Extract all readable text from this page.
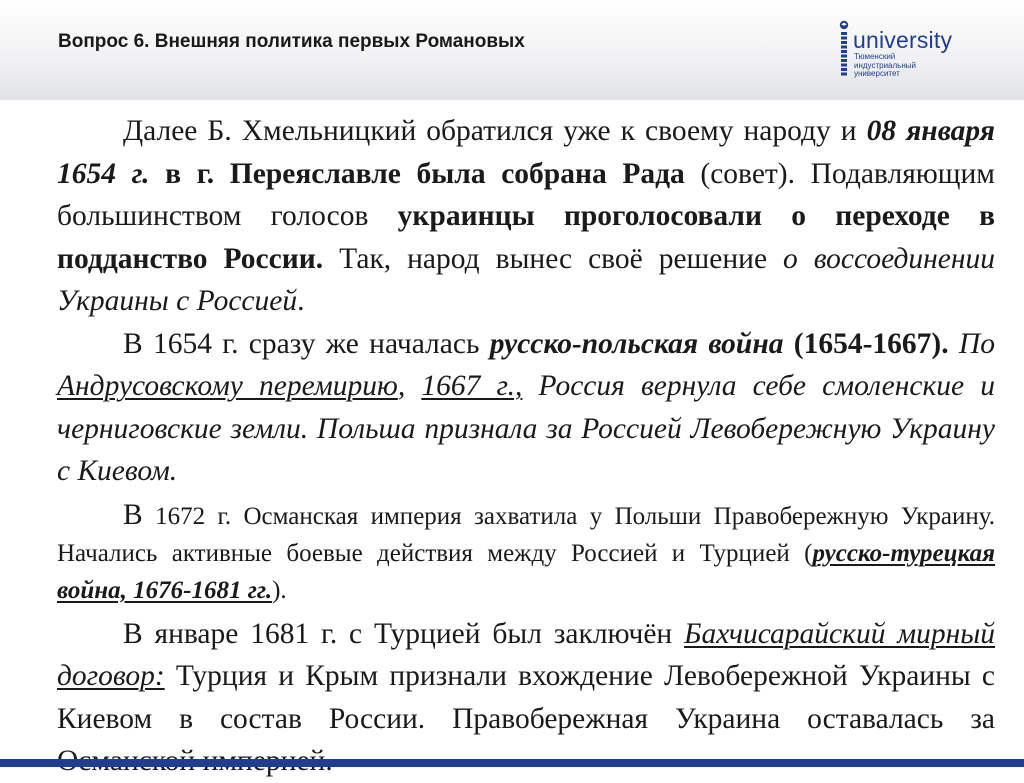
Вопрос 6. Внешняя политика первых Романовых	university
Тюменский
индустриальный
университет

Далее Б. Хмельницкий обратился уже к своему народу и 08 января 1654 г. в г. Переяславле была собрана Рада (совет). Подавляющим большинством голосов украинцы проголосовали о переходе в подданство России. Так, народ вынес своё решение о воссоединении Украины с Россией.

В 1654 г. сразу же началась русско-польская война (1654-1667). По Андрусовскому перемирию, 1667 г., Россия вернула себе смоленские и черниговские земли. Польша признала за Россией Левобережную Украину с Киевом.

В 1672 г. Османская империя захватила у Польши Правобережную Украину. Начались активные боевые действия между Россией и Турцией (русско-турецкая война, 1676-1681 гг.).

В январе 1681 г. с Турцией был заключён Бахчисарайский мирный договор: Турция и Крым признали вхождение Левобережной Украины с Киевом в состав России. Правобережная Украина оставалась за
